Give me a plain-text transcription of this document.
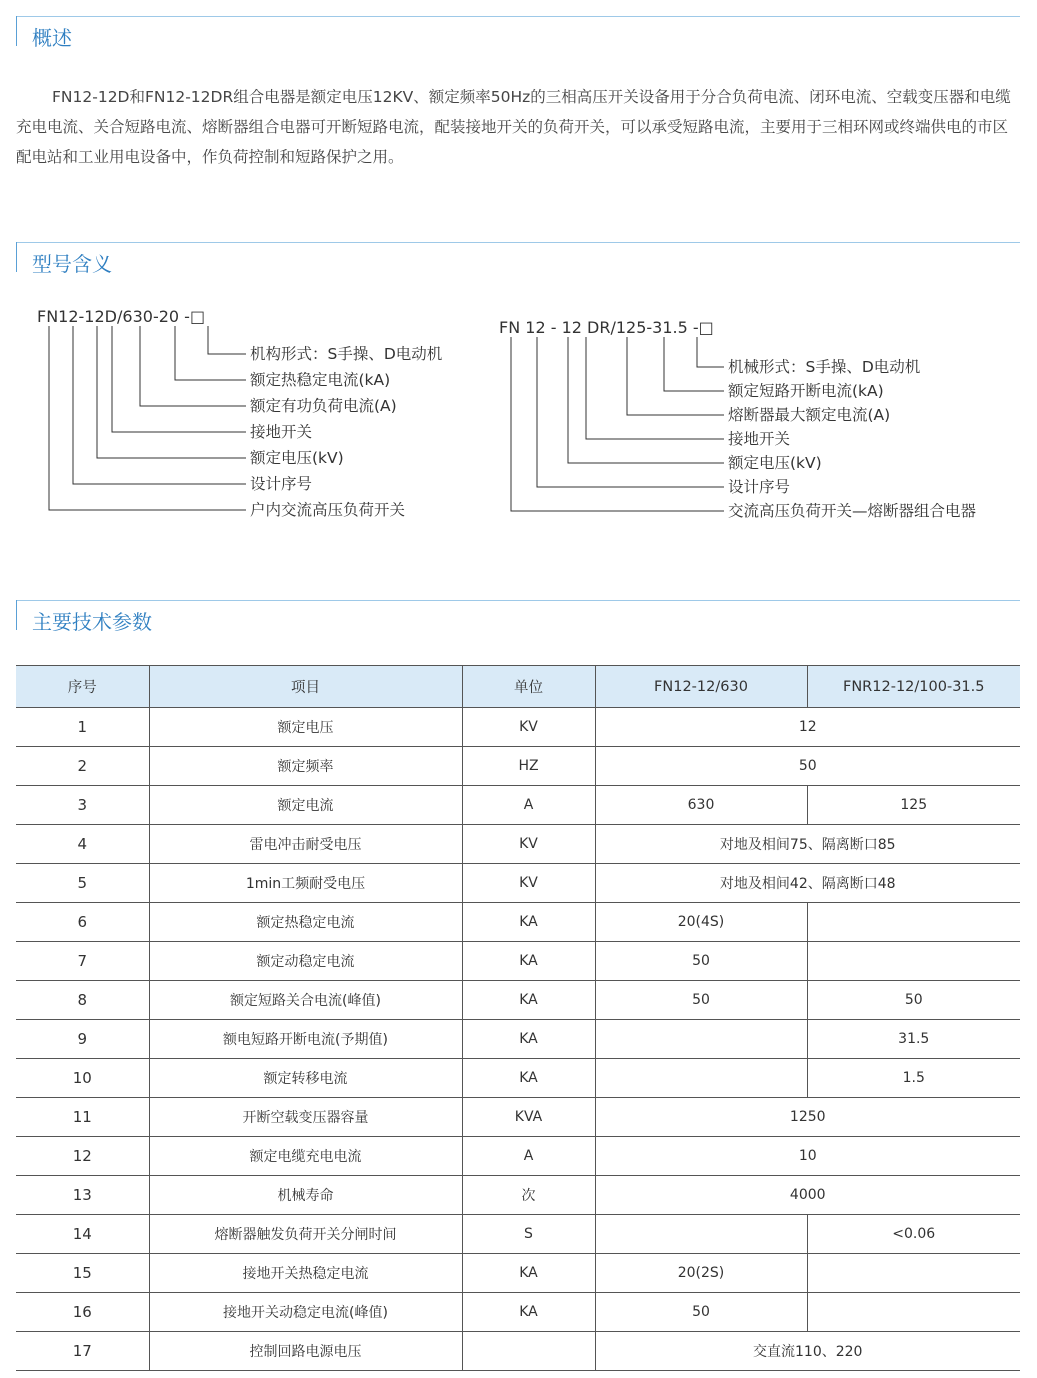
概述

FN12-12D和FN12-12DR组合电器是额定电压12KV、额定频率50Hz的三相高压开关设备用于分合负荷电流、闭环电流、空载变压器和电缆充电电流、关合短路电流、熔断器组合电器可开断短路电流，配装接地开关的负荷开关，可以承受短路电流，主要用于三相环网或终端供电的市区配电站和工业用电设备中，作负荷控制和短路保护之用。

型号含义
FN12-12D/630-20 -□
机构形式：S手操、D电动机
额定热稳定电流(kA)
额定有功负荷电流(A)
接地开关
额定电压(kV)
设计序号
户内交流高压负荷开关
FN 12 - 12 DR/125-31.5 -□
机械形式：S手操、D电动机
额定短路开断电流(kA)
熔断器最大额定电流(A)
接地开关
额定电压(kV)
设计序号
交流高压负荷开关—熔断器组合电器
主要技术参数
序号	项目	单位	FN12-12/630	FNR12-12/100-31.5
1	额定电压	KV	12	
2	额定频率	HZ	50	
3	额定电流	A	630	125
4	雷电冲击耐受电压	KV	对地及相间75、隔离断口85	
5	1min工频耐受电压	KV	对地及相间42、隔离断口48	
6	额定热稳定电流	KA	20(4S)	
7	额定动稳定电流	KA	50	
8	额定短路关合电流(峰值)	KA	50	50
9	额电短路开断电流(予期值)	KA		31.5
10	额定转移电流	KA		1.5
11	开断空载变压器容量	KVA	1250	
12	额定电缆充电电流	A	10	
13	机械寿命	次	4000	
14	熔断器触发负荷开关分闸时间	S		<0.06
15	接地开关热稳定电流	KA	20(2S)	
16	接地开关动稳定电流(峰值)	KA	50	
17	控制回路电源电压		交直流110、220	
